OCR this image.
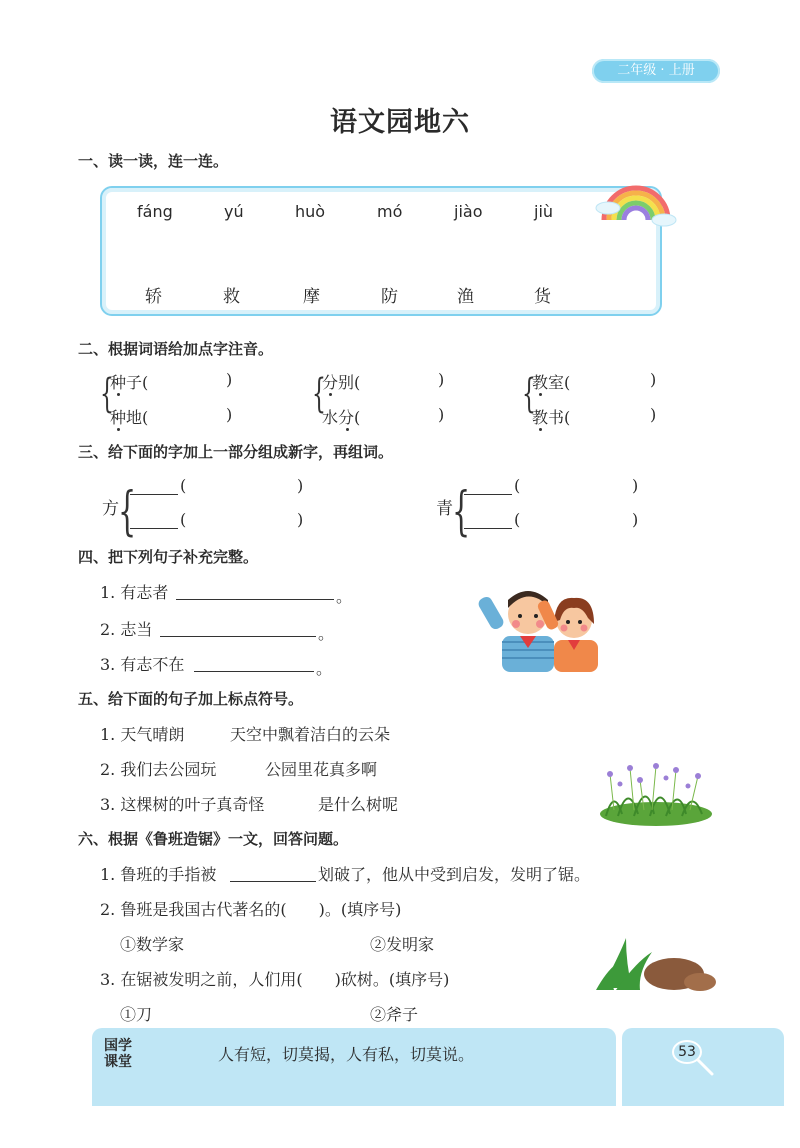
二年级 · 上册
语文园地六
一、读一读，连一连。
fáng	yú	huò	mó	jiào	jiù
轿	救	摩	防	渔	货
二、根据词语给加点字注音。
{
种子(	)
种地(	) {
分别(	)
水分(	) {
教室(	)
教书(	)
三、给下面的字加上一部分组成新字，再组词。
方 {	(	)
(	)
青 {	(	)
(	)
四、把下列句子补充完整。
1. 有志者	。
2. 志当	。
3. 有志不在	。
五、给下面的句子加上标点符号。
1. 天气晴朗	天空中飘着洁白的云朵
2. 我们去公园玩	公园里花真多啊
3. 这棵树的叶子真奇怪	是什么树呢
六、根据《鲁班造锯》一文，回答问题。
1. 鲁班的手指被	划破了，他从中受到启发，发明了锯。
2. 鲁班是我国古代著名的(　　)。(填序号)
①数学家	②发明家
3. 在锯被发明之前，人们用(　　)砍树。(填序号)
①刀	②斧子
国学
课堂	人有短，切莫揭，人有私，切莫说。	53
